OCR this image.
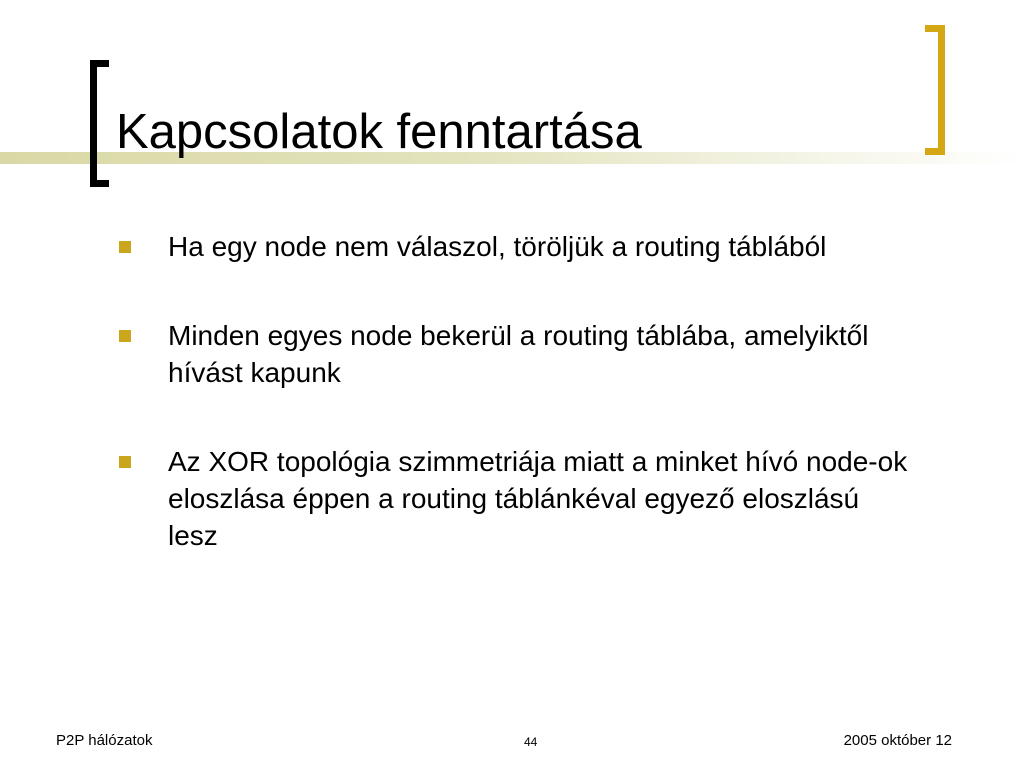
Kapcsolatok fenntartása
Ha egy node nem válaszol, töröljük a routing táblából
Minden egyes node bekerül a routing táblába, amelyiktől hívást kapunk
Az XOR topológia szimmetriája miatt a minket hívó node-ok eloszlása éppen a routing táblánkéval egyező eloszlású lesz
P2P hálózatok	44	2005 október 12
